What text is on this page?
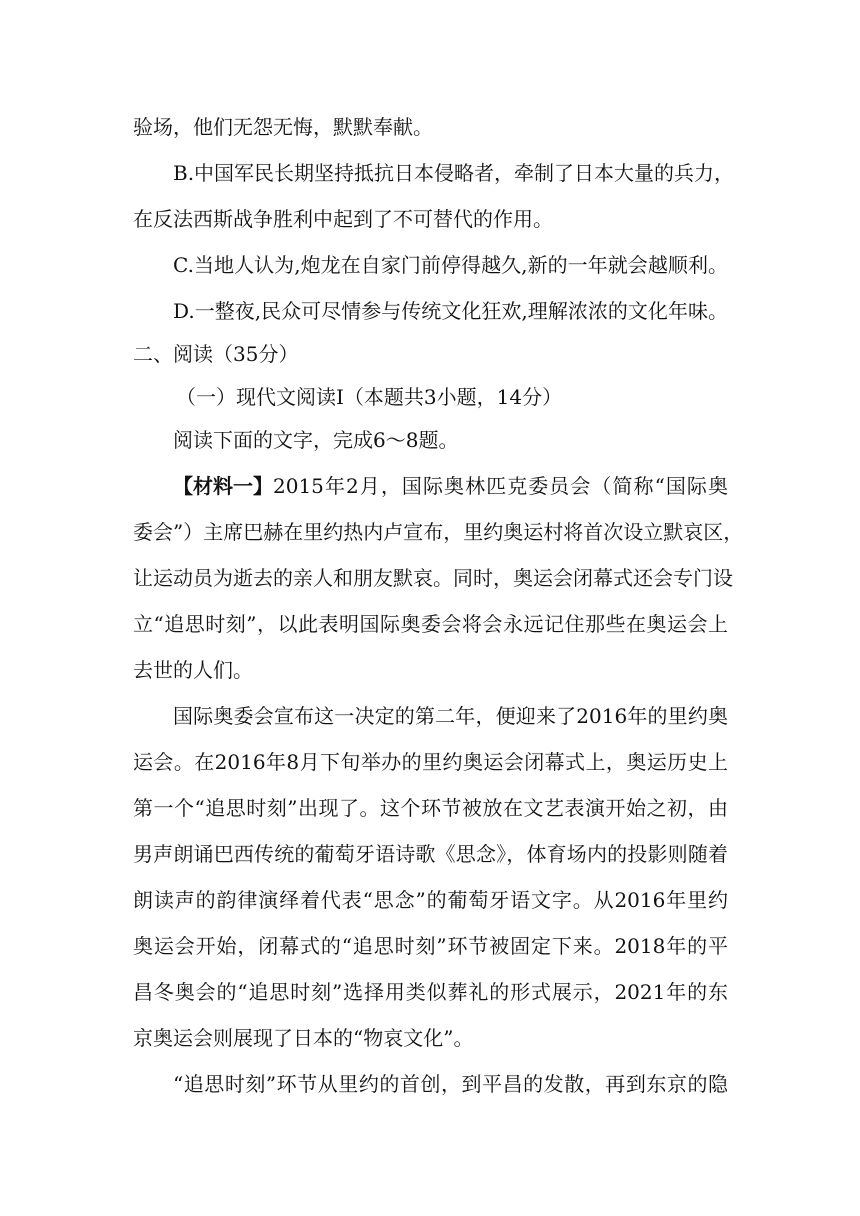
验场，他们无怨无悔，默默奉献。
B.中国军民长期坚持抵抗日本侵略者，牵制了日本大量的兵力，
在反法西斯战争胜利中起到了不可替代的作用。
C.当地人认为,炮龙在自家门前停得越久,新的一年就会越顺利。
D.一整夜,民众可尽情参与传统文化狂欢,理解浓浓的文化年味。
二、阅读（35分）
（一）现代文阅读Ⅰ（本题共3小题，14分）
阅读下面的文字，完成6～8题。
【材料一】 2015年2月，国际奥林匹克委员会（简称“国际奥
委会”）主席巴赫在里约热内卢宣布，里约奥运村将首次设立默哀区，
让运动员为逝去的亲人和朋友默哀。同时，奥运会闭幕式还会专门设
立“追思时刻”，以此表明国际奥委会将会永远记住那些在奥运会上
去世的人们。
国际奥委会宣布这一决定的第二年，便迎来了2016年的里约奥
运会。在2016年8月下旬举办的里约奥运会闭幕式上，奥运历史上
第一个“追思时刻”出现了。这个环节被放在文艺表演开始之初，由
男声朗诵巴西传统的葡萄牙语诗歌《思念》，体育场内的投影则随着
朗读声的韵律演绎着代表“思念”的葡萄牙语文字。从2016年里约
奥运会开始，闭幕式的“追思时刻”环节被固定下来。2018年的平
昌冬奥会的“追思时刻”选择用类似葬礼的形式展示，2021年的东
京奥运会则展现了日本的“物哀文化”。
“追思时刻”环节从里约的首创，到平昌的发散，再到东京的隐
